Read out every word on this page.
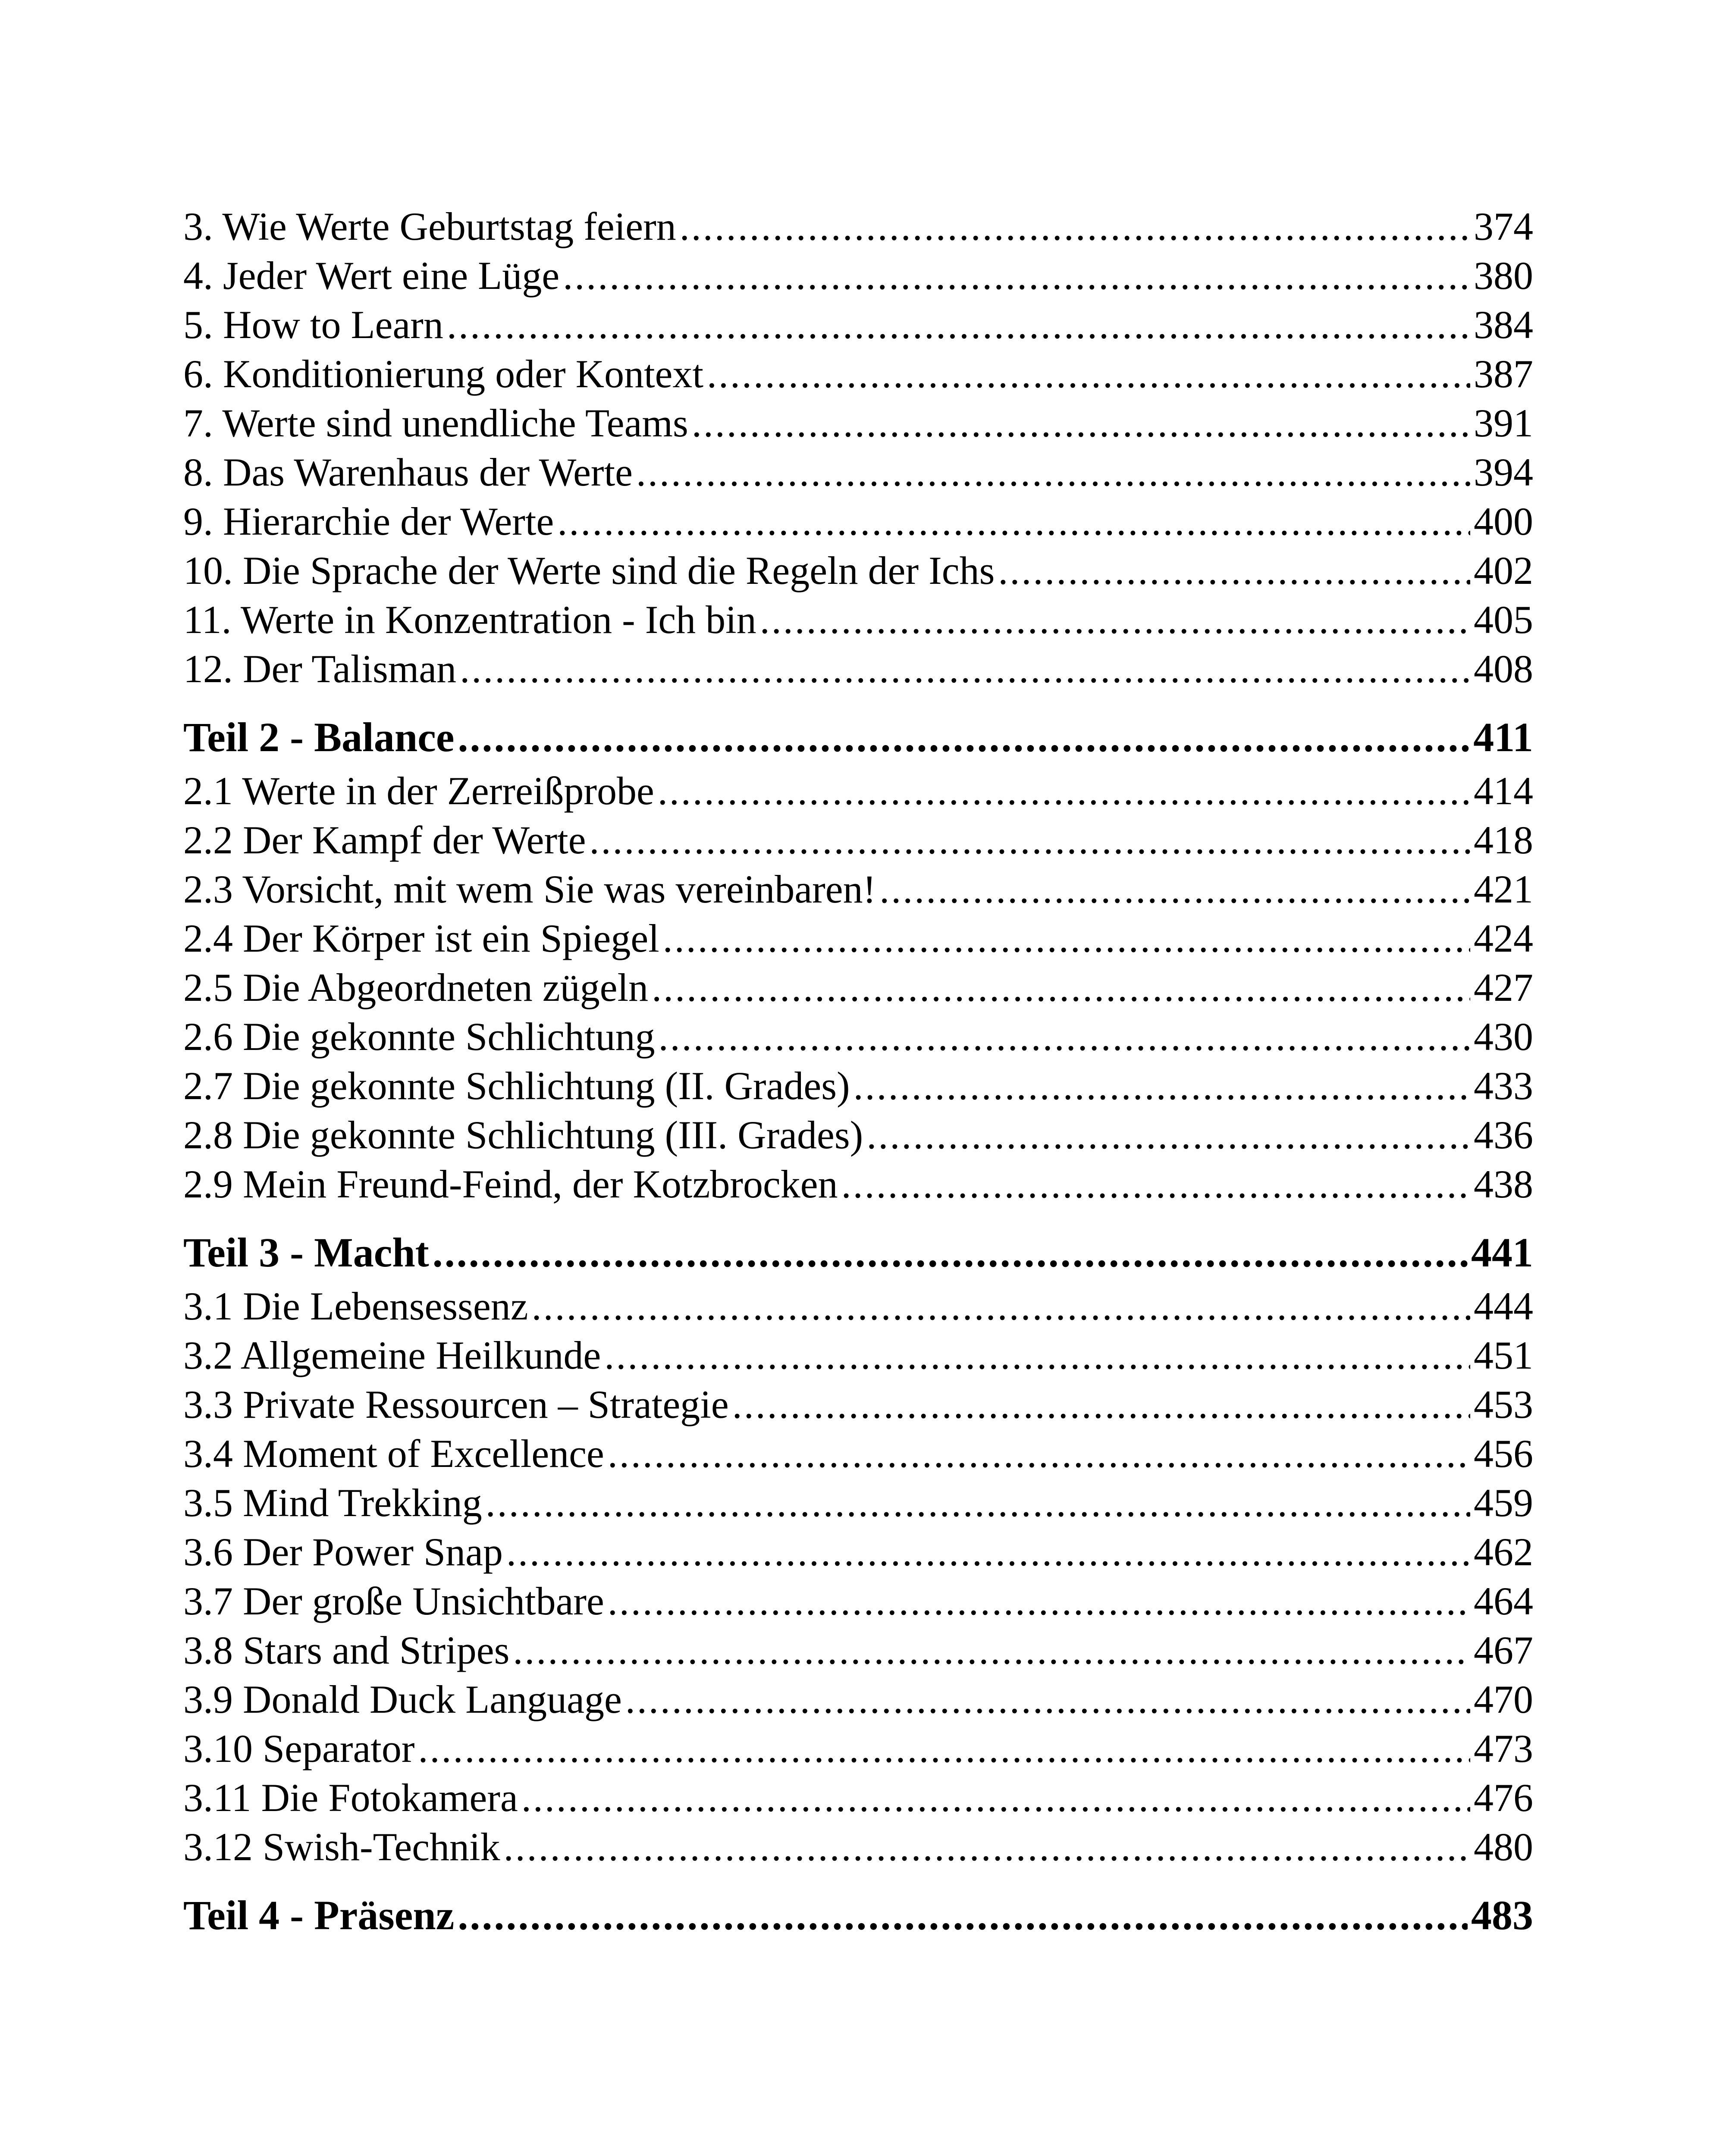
3. Wie Werte Geburtstag feiern .....	374
4. Jeder Wert eine Lüge .....	380
5. How to Learn .....	384
6. Konditionierung oder Kontext .....	387
7. Werte sind unendliche Teams .....	391
8. Das Warenhaus der Werte .....	394
9. Hierarchie der Werte .....	400
10. Die Sprache der Werte sind die Regeln der Ichs .....	402
11. Werte in Konzentration - Ich bin .....	405
12. Der Talisman .....	408
Teil 2 - Balance .....	411
2.1 Werte in der Zerreißprobe .....	414
2.2 Der Kampf der Werte .....	418
2.3 Vorsicht, mit wem Sie was vereinbaren! .....	421
2.4 Der Körper ist ein Spiegel .....	424
2.5 Die Abgeordneten zügeln .....	427
2.6 Die gekonnte Schlichtung .....	430
2.7 Die gekonnte Schlichtung (II. Grades) .....	433
2.8 Die gekonnte Schlichtung (III. Grades) .....	436
2.9 Mein Freund-Feind, der Kotzbrocken .....	438
Teil 3 - Macht .....	441
3.1 Die Lebensessenz .....	444
3.2 Allgemeine Heilkunde .....	451
3.3 Private Ressourcen – Strategie .....	453
3.4 Moment of Excellence .....	456
3.5 Mind Trekking .....	459
3.6 Der Power Snap .....	462
3.7 Der große Unsichtbare .....	464
3.8 Stars and Stripes .....	467
3.9 Donald Duck Language .....	470
3.10 Separator .....	473
3.11 Die Fotokamera .....	476
3.12 Swish-Technik .....	480
Teil 4 - Präsenz .....	483
